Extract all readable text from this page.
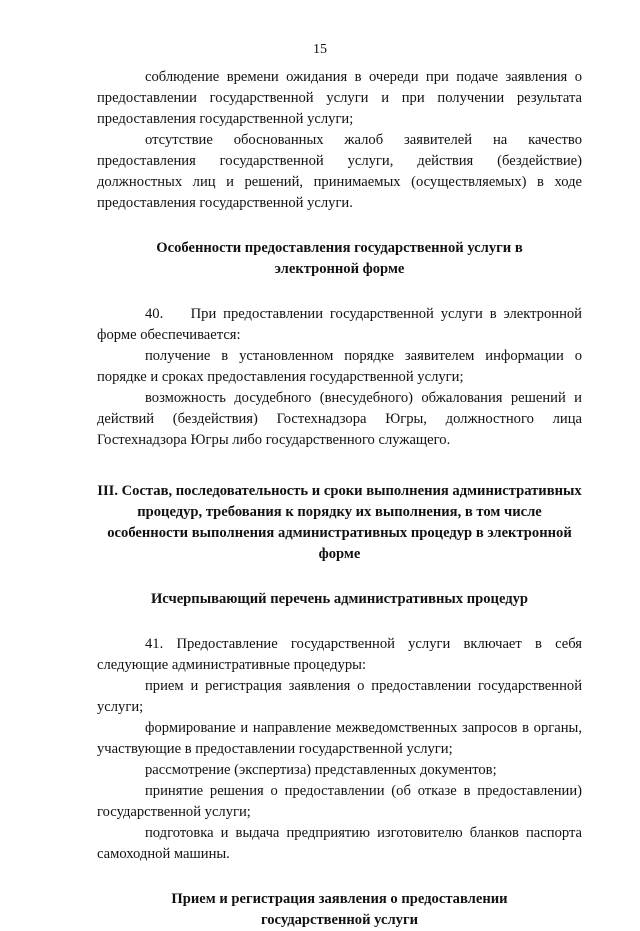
15

соблюдение времени ожидания в очереди при подаче заявления о предоставлении государственной услуги и при получении результата предоставления государственной услуги;

отсутствие обоснованных жалоб заявителей на качество предоставления государственной услуги, действия (бездействие) должностных лиц и решений, принимаемых (осуществляемых) в ходе предоставления государственной услуги.

Особенности предоставления государственной услуги в электронной форме

40.    При предоставлении государственной услуги в электронной форме обеспечивается:

получение в установленном порядке заявителем информации о порядке и сроках предоставления государственной услуги;

возможность досудебного (внесудебного) обжалования решений и действий (бездействия) Гостехнадзора Югры, должностного лица Гостехнадзора Югры либо государственного служащего.

III. Состав, последовательность и сроки выполнения административных процедур, требования к порядку их выполнения, в том числе особенности выполнения административных процедур в электронной форме

Исчерпывающий перечень административных процедур

41. Предоставление государственной услуги включает в себя следующие административные процедуры:

прием и регистрация заявления о предоставлении государственной услуги;

формирование и направление межведомственных запросов в органы, участвующие в предоставлении государственной услуги;

рассмотрение (экспертиза) представленных документов;

принятие решения о предоставлении (об отказе в предоставлении) государственной услуги;

подготовка и выдача предприятию изготовителю бланков паспорта самоходной машины.

Прием и регистрация заявления о предоставлении государственной услуги
